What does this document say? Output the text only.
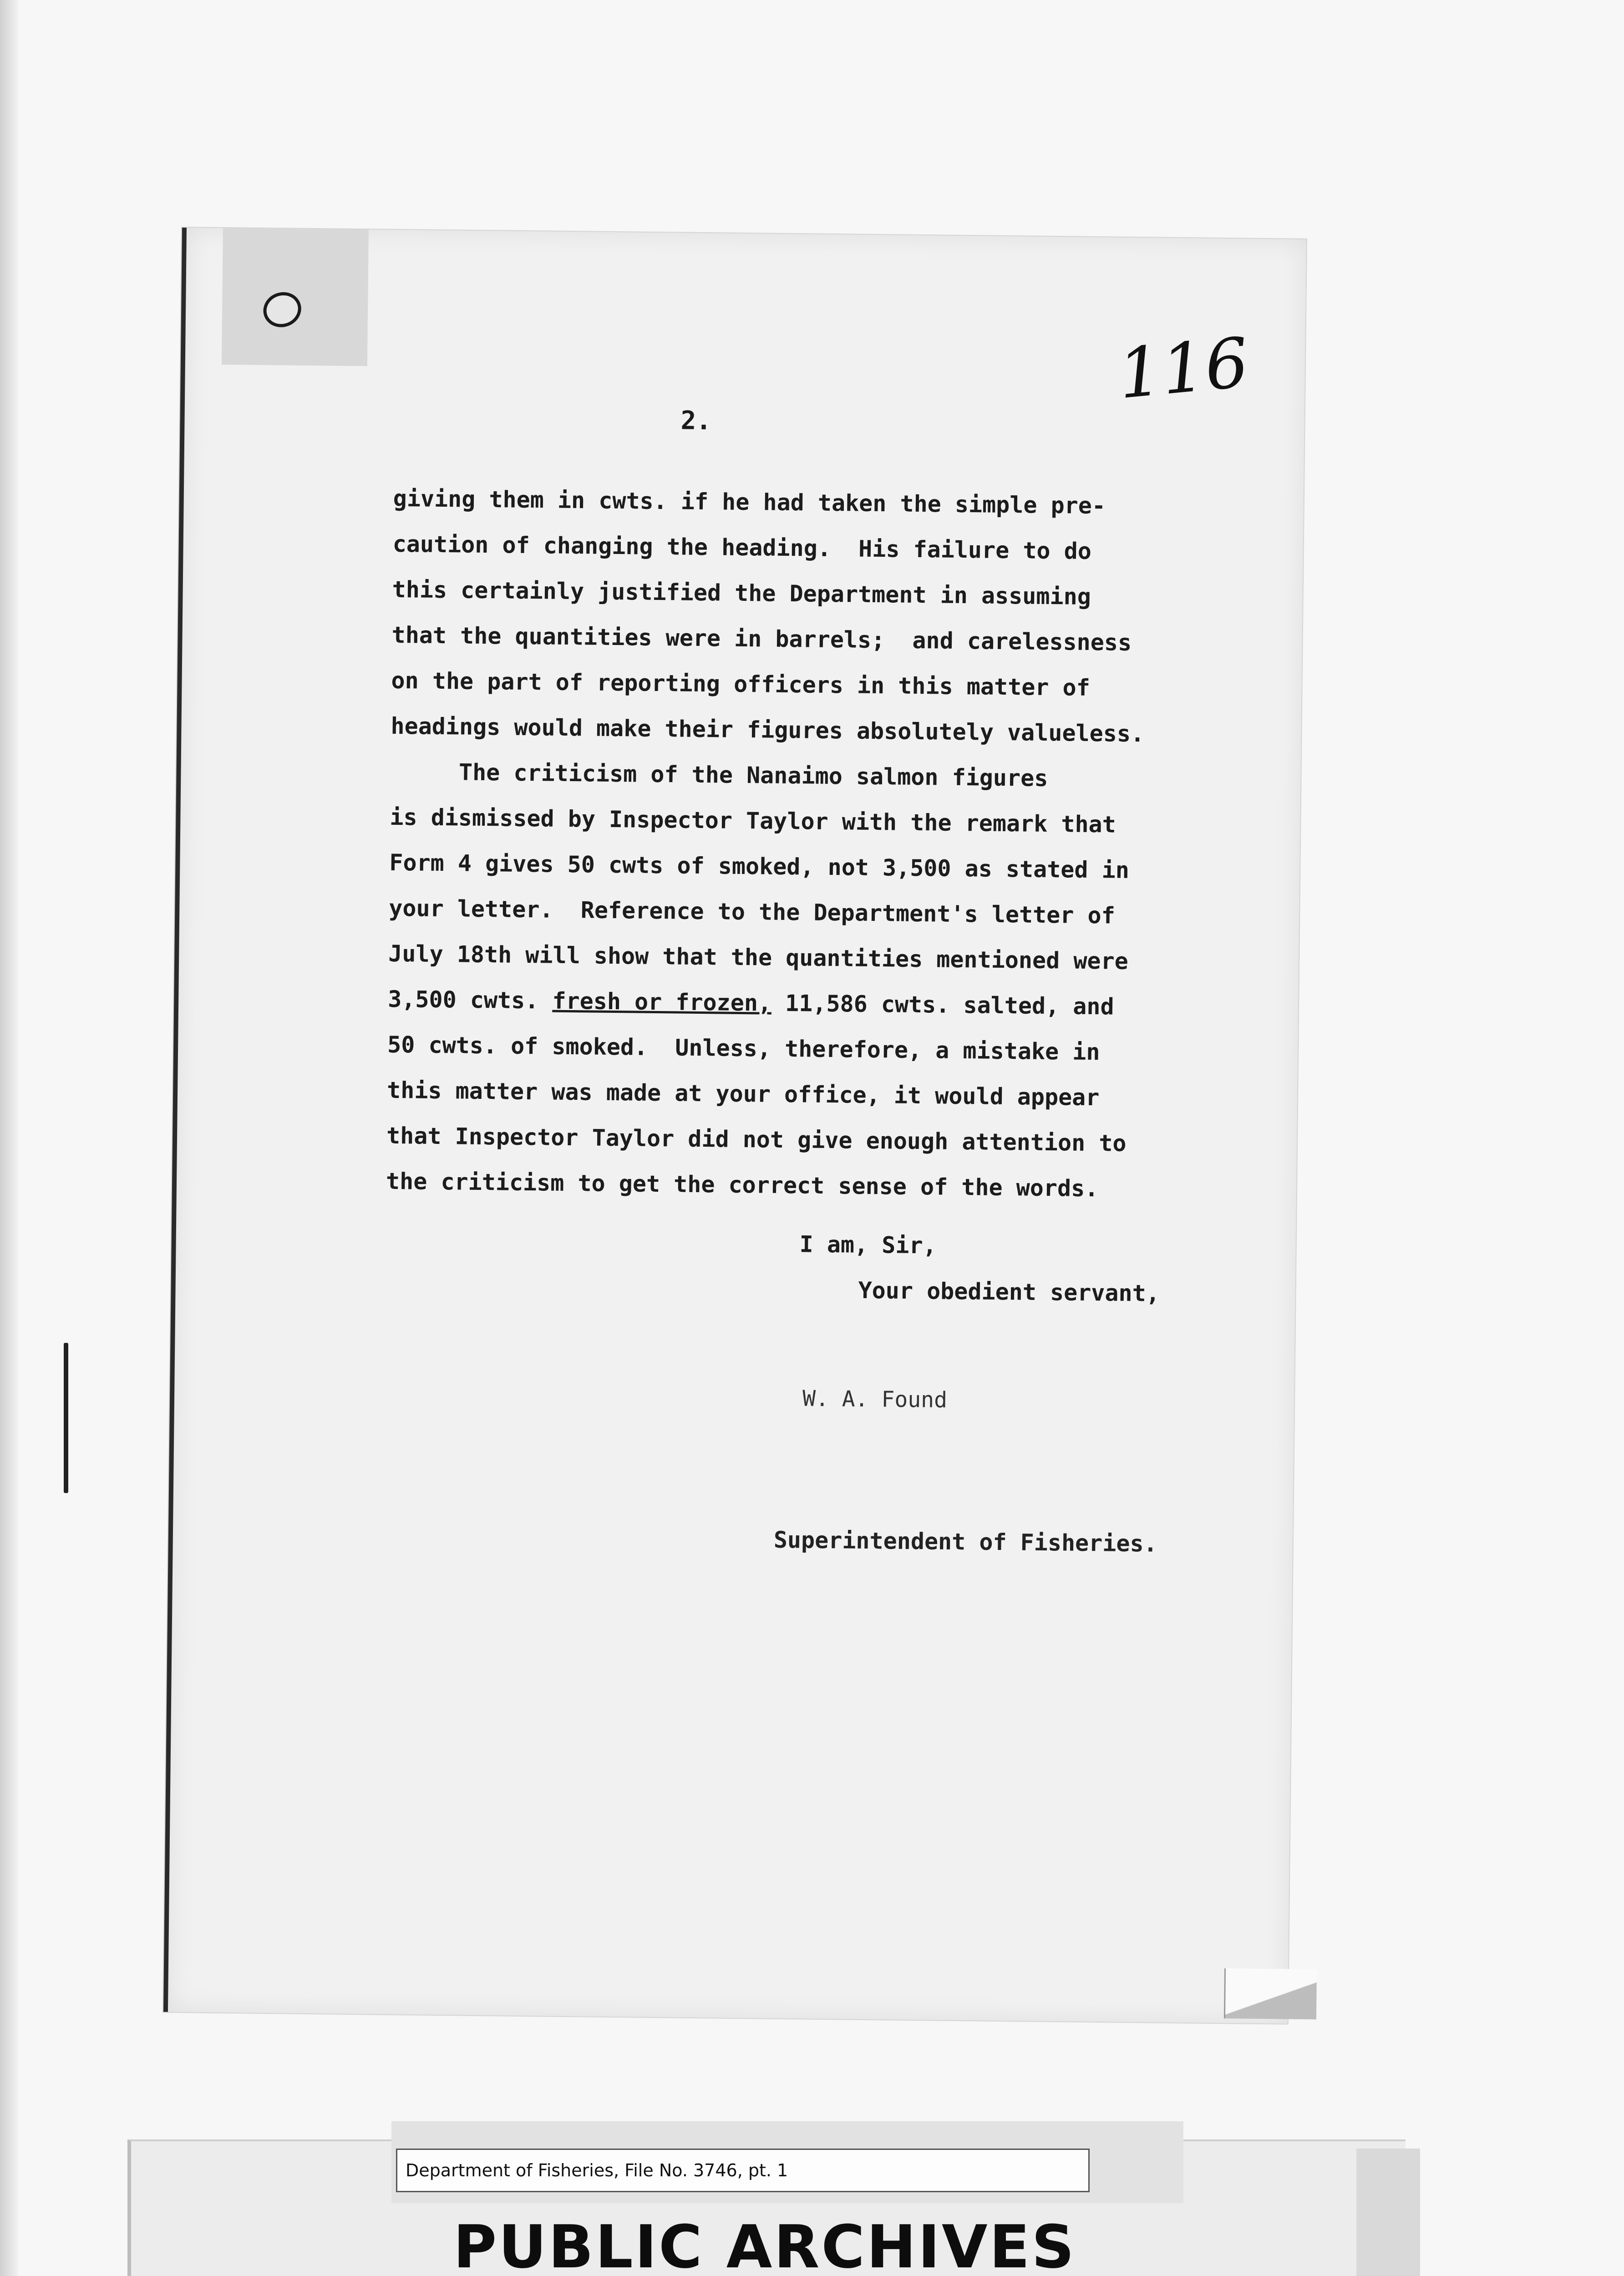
116
2.
giving them in cwts. if he had taken the simple pre-
caution of changing the heading.  His failure to do
this certainly justified the Department in assuming
that the quantities were in barrels;  and carelessness
on the part of reporting officers in this matter of
headings would make their figures absolutely valueless.
The criticism of the Nanaimo salmon figures
is dismissed by Inspector Taylor with the remark that
Form 4 gives 50 cwts of smoked, not 3,500 as stated in
your letter.  Reference to the Department's letter of
July 18th will show that the quantities mentioned were
3,500 cwts. fresh or frozen, 11,586 cwts. salted, and
50 cwts. of smoked.  Unless, therefore, a mistake in
this matter was made at your office, it would appear
that Inspector Taylor did not give enough attention to
the criticism to get the correct sense of the words.
I am, Sir,
Your obedient servant,
W. A. Found
Superintendent of Fisheries.
Department of Fisheries, File No. 3746, pt. 1
PUBLIC ARCHIVES
